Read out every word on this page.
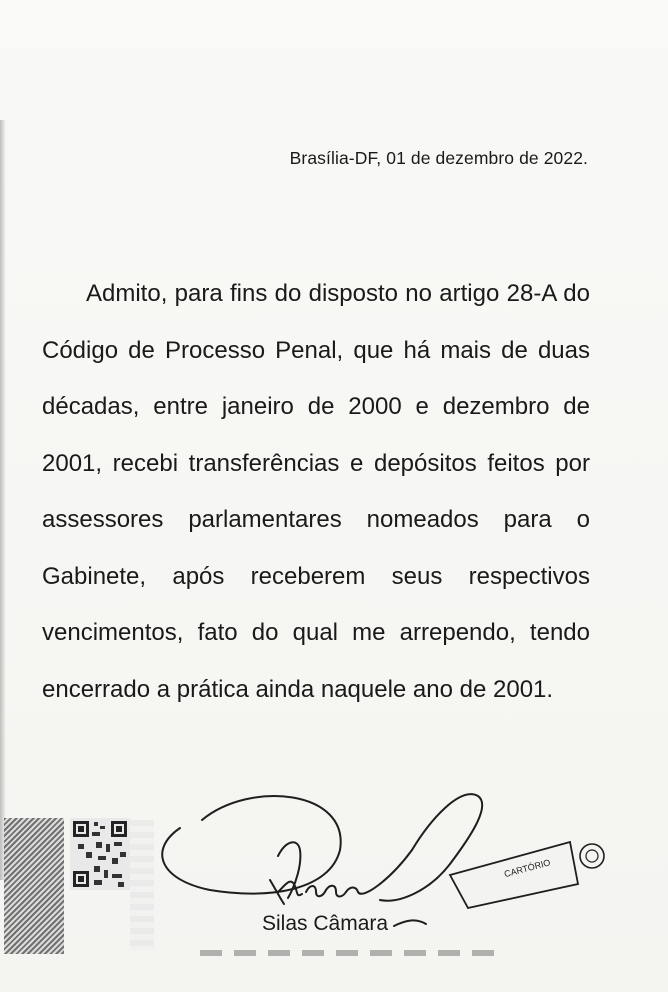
Brasília-DF, 01 de dezembro de 2022.

Admito, para fins do disposto no artigo 28-A do Código de Processo Penal, que há mais de duas décadas, entre janeiro de 2000 e dezembro de 2001, recebi transferências e depósitos feitos por assessores parlamentares nomeados para o Gabinete, após receberem seus respectivos vencimentos, fato do qual me arrependo, tendo encerrado a prática ainda naquele ano de 2001.

CARTÓRIO
Silas Câmara
